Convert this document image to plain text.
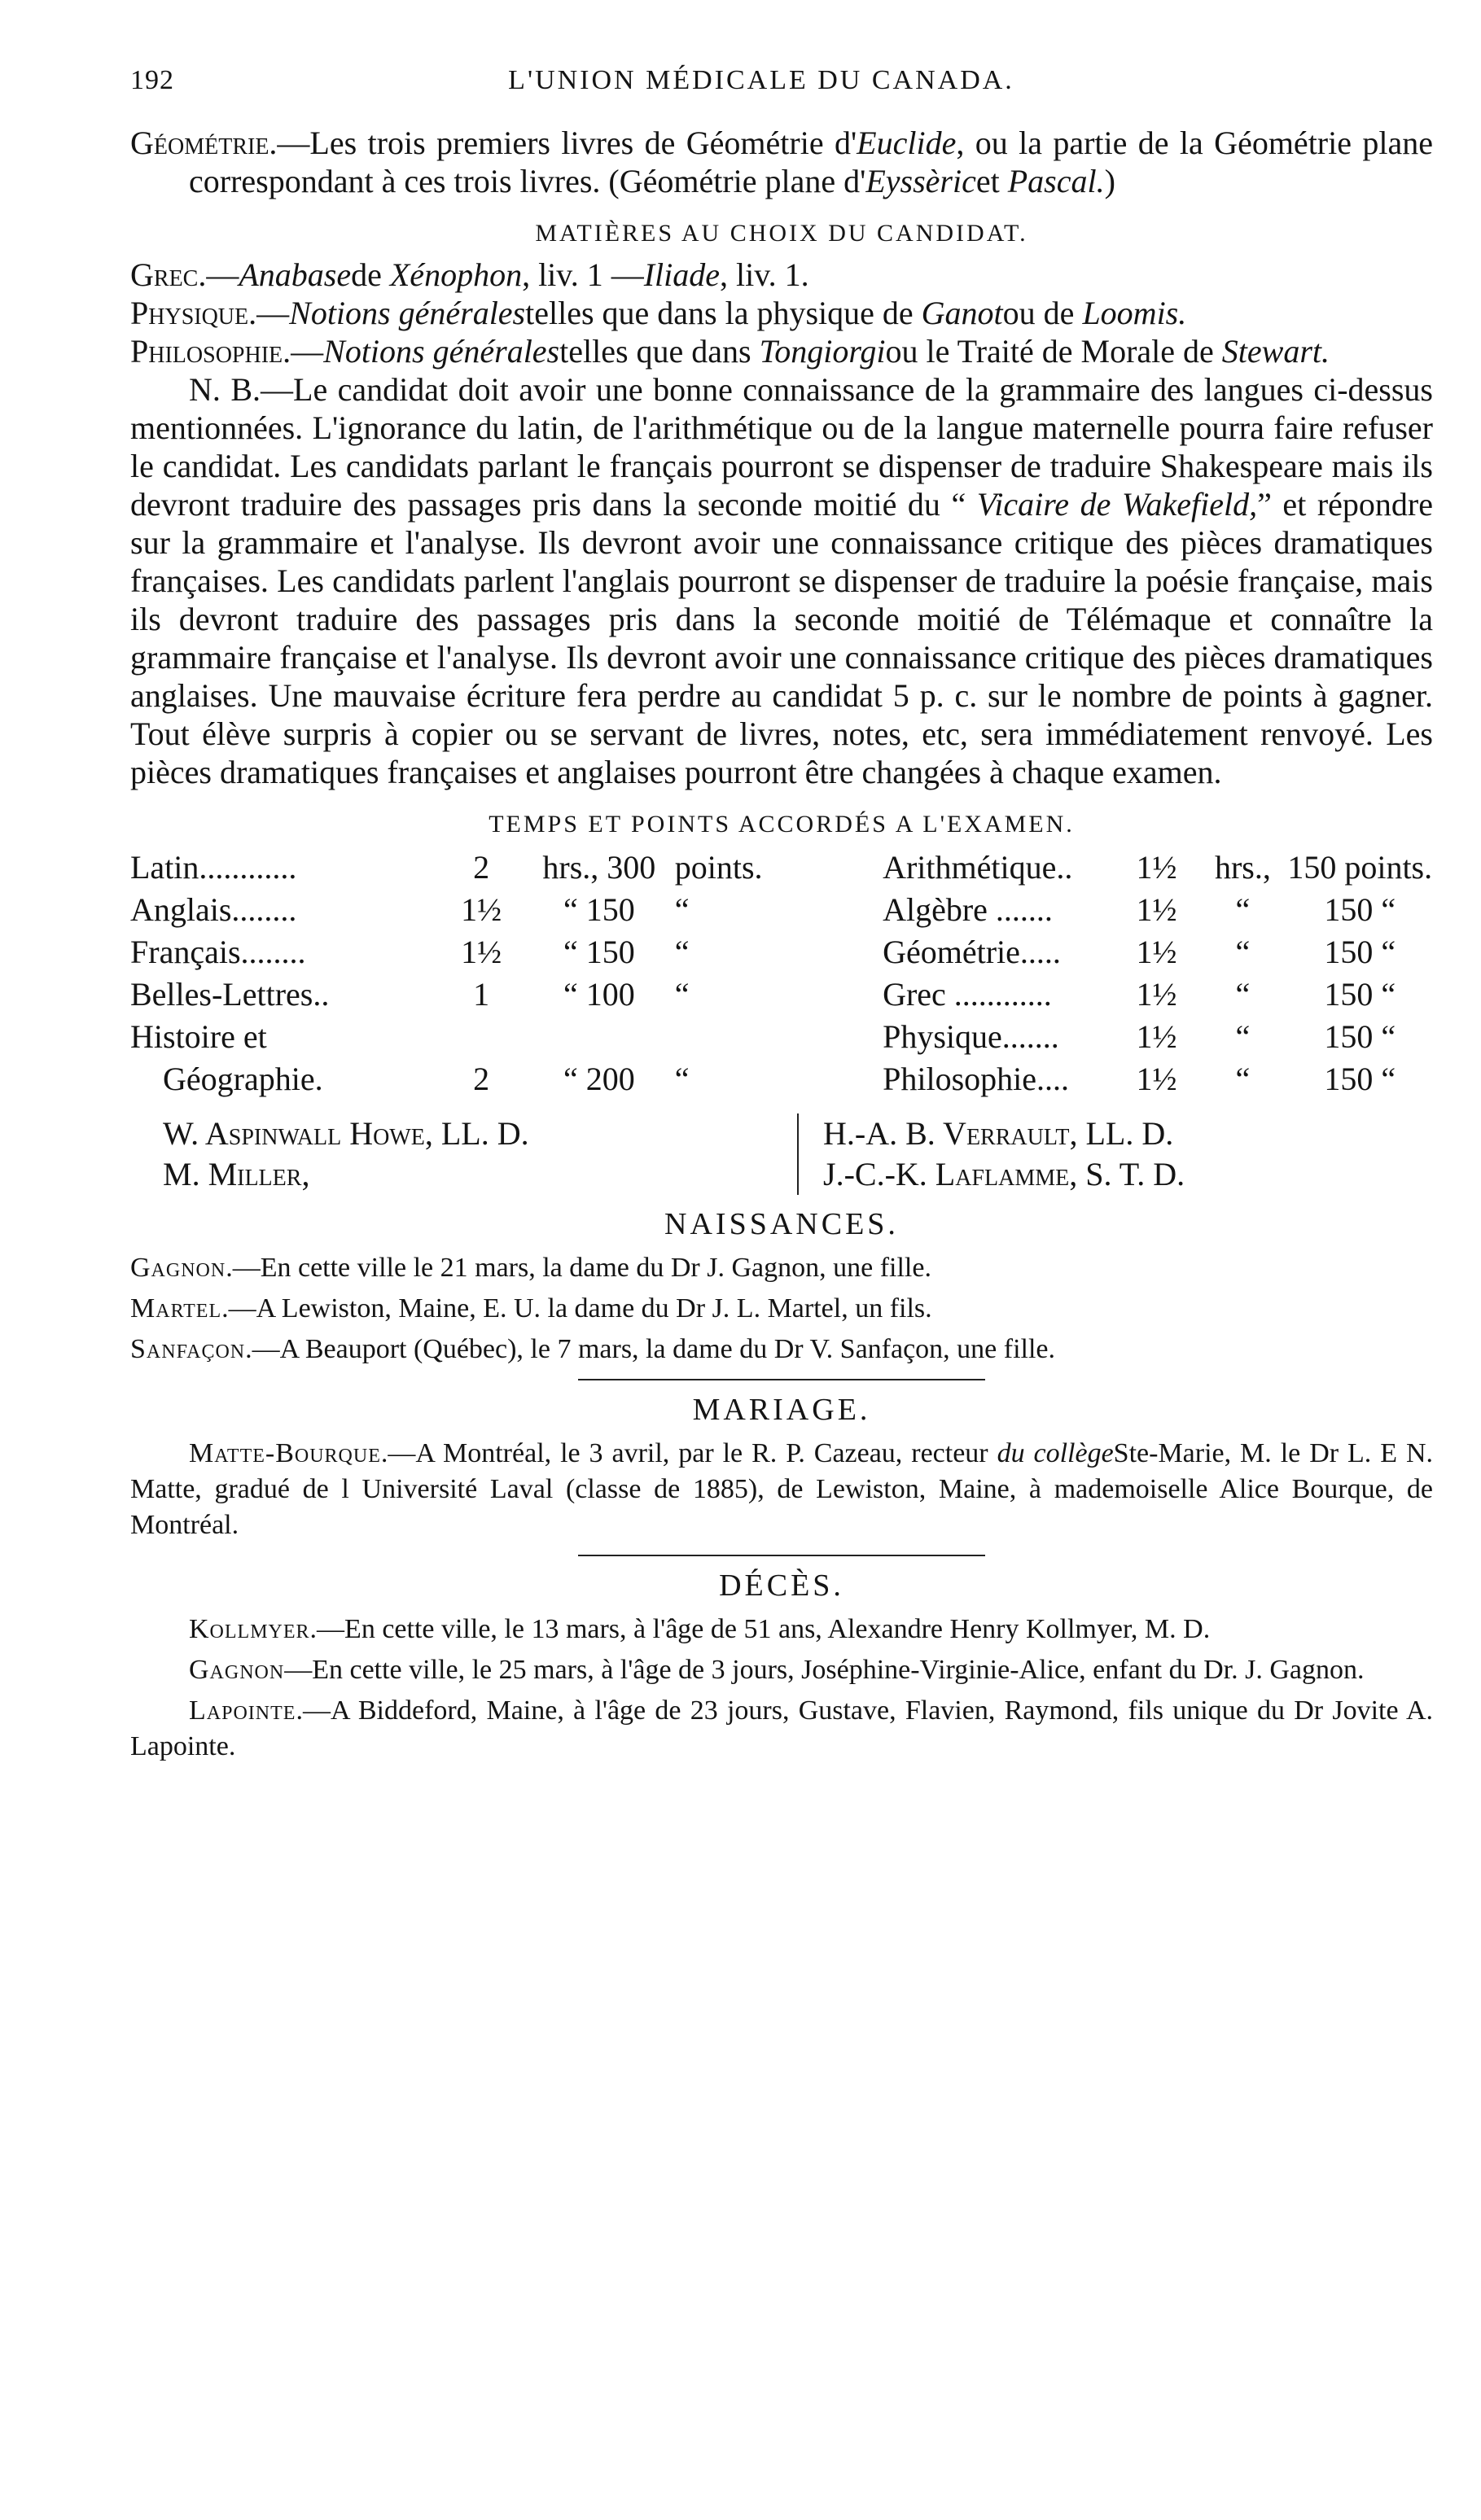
192	L'UNION MÉDICALE DU CANADA.

Géométrie.—Les trois premiers livres de Géométrie d'Euclide, ou la partie de la Géométrie plane correspondant à ces trois livres. (Géométrie plane d'Eyssèricet Pascal.)

MATIÈRES AU CHOIX DU CANDIDAT.

Grec.—Anabasede Xénophon, liv. 1 —Iliade, liv. 1.

Physique.—Notions généralestelles que dans la physique de Ganotou de Loomis.

Philosophie.—Notions généralestelles que dans Tongiorgiou le Traité de Morale de Stewart.

N. B.—Le candidat doit avoir une bonne connaissance de la grammaire des langues ci-dessus mentionnées. L'ignorance du latin, de l'arithmétique ou de la langue maternelle pourra faire refuser le candidat. Les candidats parlant le français pourront se dispenser de traduire Shakespeare mais ils devront traduire des passages pris dans la seconde moitié du “ Vicaire de Wakefield,” et répondre sur la grammaire et l'analyse. Ils devront avoir une connaissance critique des pièces dramatiques françaises. Les candidats parlent l'anglais pourront se dispenser de traduire la poésie française, mais ils devront traduire des passages pris dans la seconde moitié de Télémaque et connaître la grammaire française et l'analyse. Ils devront avoir une connaissance critique des pièces dramatiques anglaises. Une mauvaise écriture fera perdre au candidat 5 p. c. sur le nombre de points à gagner. Tout élève surpris à copier ou se servant de livres, notes, etc, sera immédiatement renvoyé. Les pièces dramatiques françaises et anglaises pourront être changées à chaque examen.

TEMPS ET POINTS ACCORDÉS A L'EXAMEN.
Latin............	2	hrs., 300	points.	Arithmétique..	1½	hrs.,	150 points.
Anglais........	1½	“ 150	“	Algèbre .......	1½	“	150 “
Français........	1½	“ 150	“	Géométrie.....	1½	“	150 “
Belles-Lettres..	1	“ 100	“	Grec ............	1½	“	150 “
Histoire et				Physique.......	1½	“	150 “
Géographie.	2	“ 200	“	Philosophie....	1½	“	150 “
W. Aspinwall Howe, LL. D.
M. Miller,
H.-A. B. Verrault, LL. D.
J.-C.-K. Laflamme, S. T. D.
NAISSANCES.

Gagnon.—En cette ville le 21 mars, la dame du Dr J. Gagnon, une fille.

Martel.—A Lewiston, Maine, E. U. la dame du Dr J. L. Martel, un fils.

Sanfaçon.—A Beauport (Québec), le 7 mars, la dame du Dr V. Sanfaçon, une fille.

MARIAGE.

Matte-Bourque.—A Montréal, le 3 avril, par le R. P. Cazeau, recteur du collègeSte-Marie, M. le Dr L. E N. Matte, gradué de l Université Laval (classe de 1885), de Lewiston, Maine, à mademoiselle Alice Bourque, de Montréal.

DÉCÈS.

Kollmyer.—En cette ville, le 13 mars, à l'âge de 51 ans, Alexandre Henry Kollmyer, M. D.

Gagnon—En cette ville, le 25 mars, à l'âge de 3 jours, Joséphine-Virginie-Alice, enfant du Dr. J. Gagnon.

Lapointe.—A Biddeford, Maine, à l'âge de 23 jours, Gustave, Flavien, Raymond, fils unique du Dr Jovite A. Lapointe.
